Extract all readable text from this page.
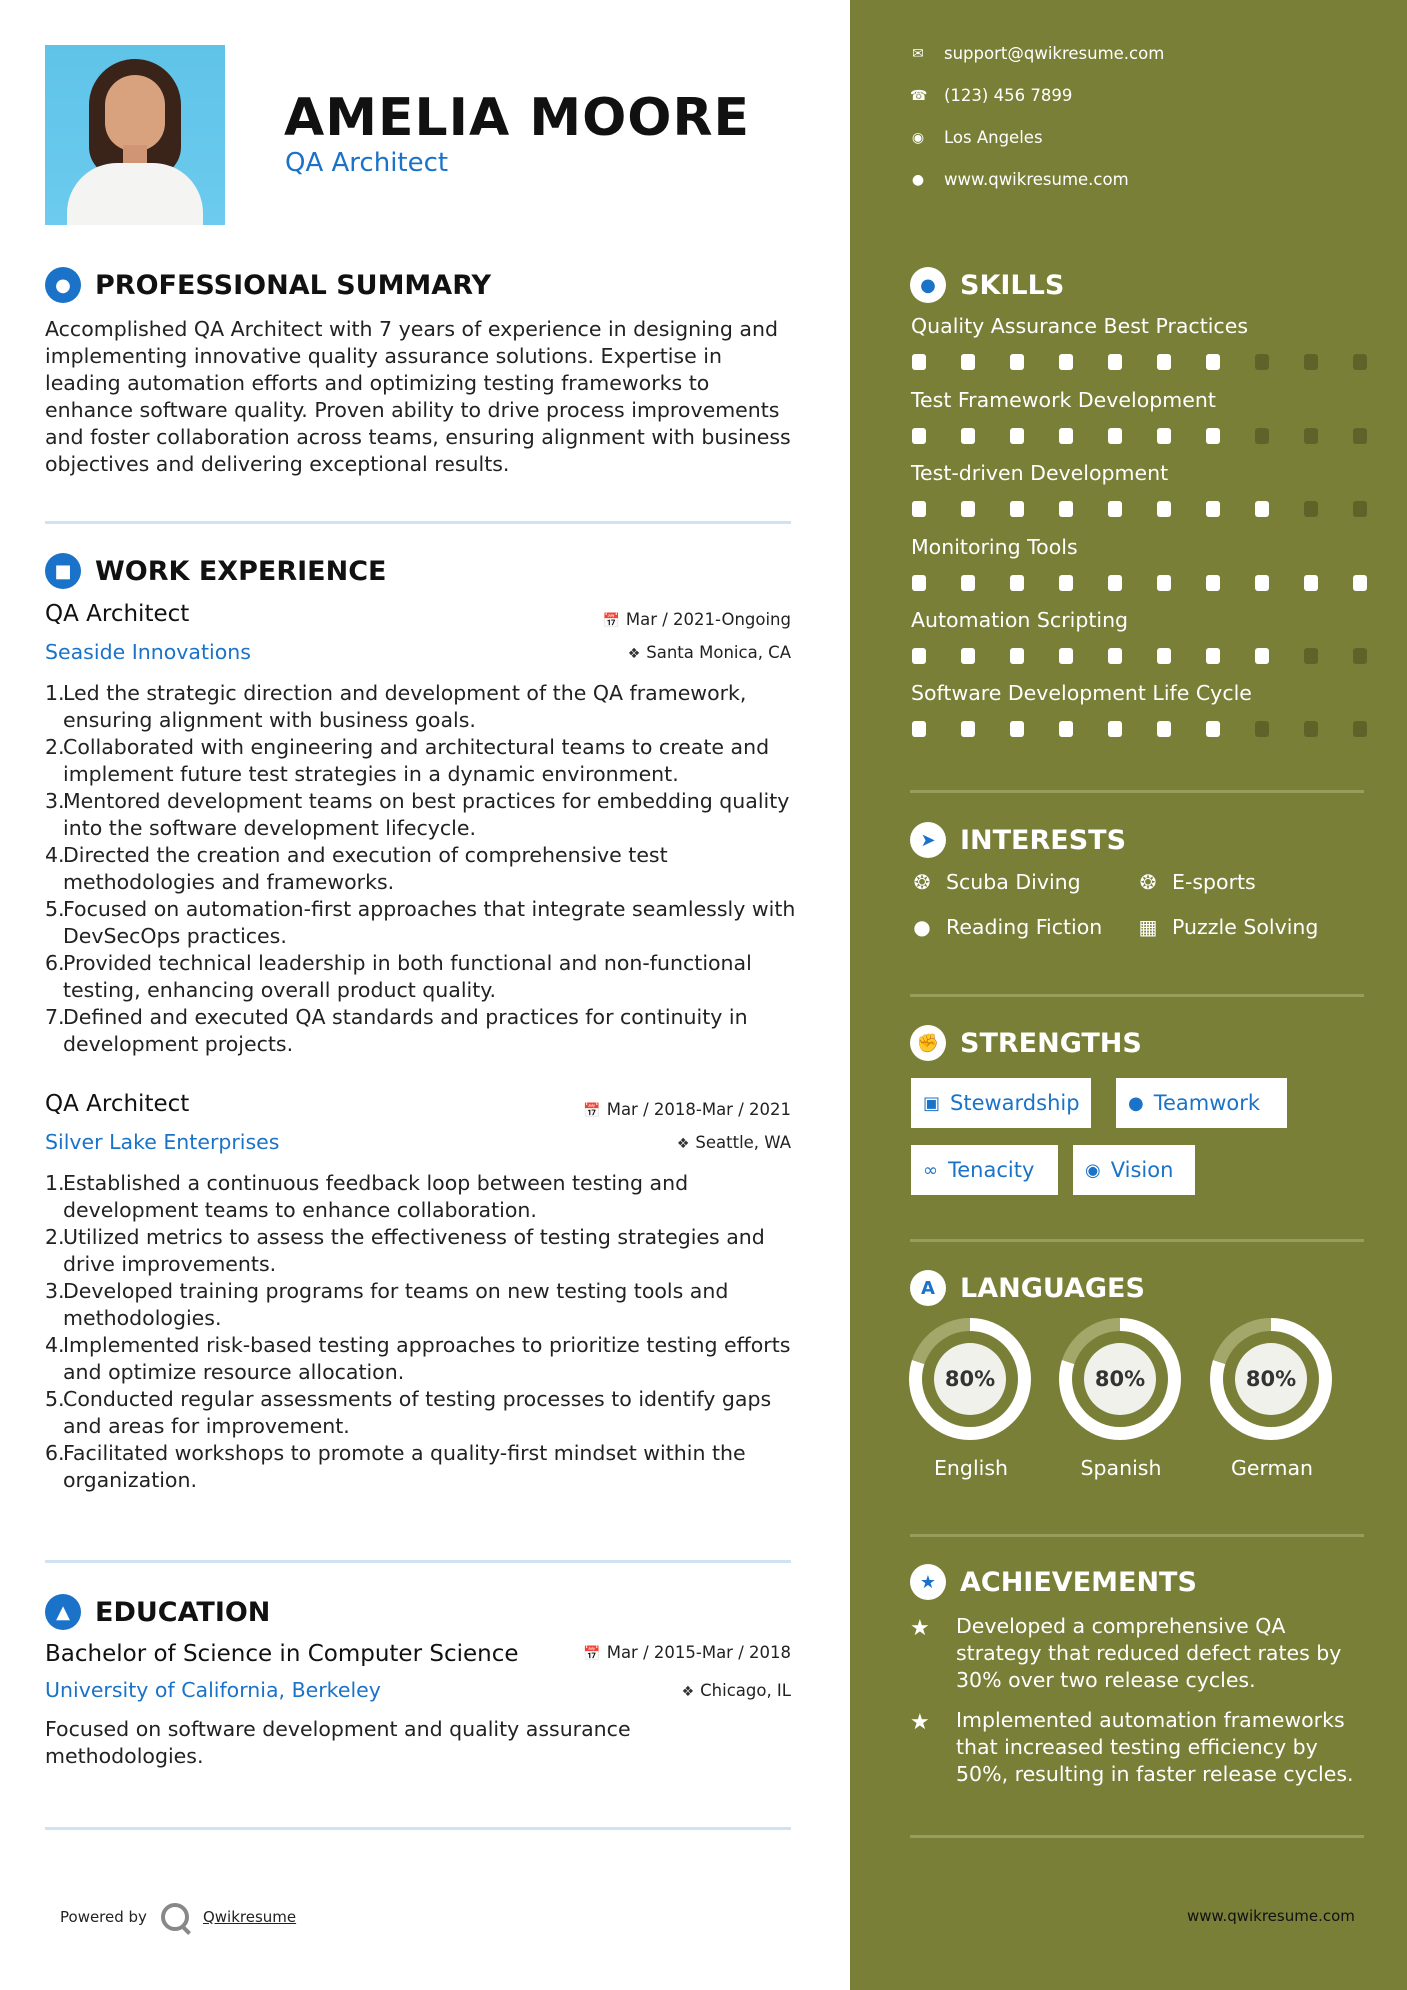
AMELIA MOORE
QA Architect
● PROFESSIONAL SUMMARY

Accomplished QA Architect with 7 years of experience in designing and implementing innovative quality assurance solutions. Expertise in leading automation efforts and optimizing testing frameworks to enhance software quality. Proven ability to drive process improvements and foster collaboration across teams, ensuring alignment with business objectives and delivering exceptional results.

■ WORK EXPERIENCE
QA Architect	📅 Mar / 2021-Ongoing
Seaside Innovations	❖ Santa Monica, CA
1.
Led the strategic direction and development of the QA framework, ensuring alignment with business goals.
2.
Collaborated with engineering and architectural teams to create and implement future test strategies in a dynamic environment.
3.
Mentored development teams on best practices for embedding quality into the software development lifecycle.
4.
Directed the creation and execution of comprehensive test methodologies and frameworks.
5.
Focused on automation-first approaches that integrate seamlessly with DevSecOps practices.
6.
Provided technical leadership in both functional and non-functional testing, enhancing overall product quality.
7.
Defined and executed QA standards and practices for continuity in development projects.
QA Architect	📅 Mar / 2018-Mar / 2021
Silver Lake Enterprises	❖ Seattle, WA
1.
Established a continuous feedback loop between testing and development teams to enhance collaboration.
2.
Utilized metrics to assess the effectiveness of testing strategies and drive improvements.
3.
Developed training programs for teams on new testing tools and methodologies.
4.
Implemented risk-based testing approaches to prioritize testing efforts and optimize resource allocation.
5.
Conducted regular assessments of testing processes to identify gaps and areas for improvement.
6.
Facilitated workshops to promote a quality-first mindset within the organization.
▲ EDUCATION
Bachelor of Science in Computer Science	📅 Mar / 2015-Mar / 2018
University of California, Berkeley	❖ Chicago, IL

Focused on software development and quality assurance methodologies.

Powered by	Qwikresume
✉ support@qwikresume.com
☎ (123) 456 7899
◉ Los Angeles
● www.qwikresume.com
● SKILLS
Quality Assurance Best Practices
Test Framework Development
Test-driven Development
Monitoring Tools
Automation Scripting
Software Development Life Cycle
➤ INTERESTS
❂ Scuba Diving	❂ E-sports
● Reading Fiction ▦ Puzzle Solving
✊ STRENGTHS
▣ Stewardship	● Teamwork
∞ Tenacity	◉ Vision
A LANGUAGES
80%
English
80%
Spanish
80%
German
★ ACHIEVEMENTS
★ Developed a comprehensive QA strategy that reduced defect rates by 30% over two release cycles.
★ Implemented automation frameworks that increased testing efficiency by 50%, resulting in faster release cycles.
www.qwikresume.com
